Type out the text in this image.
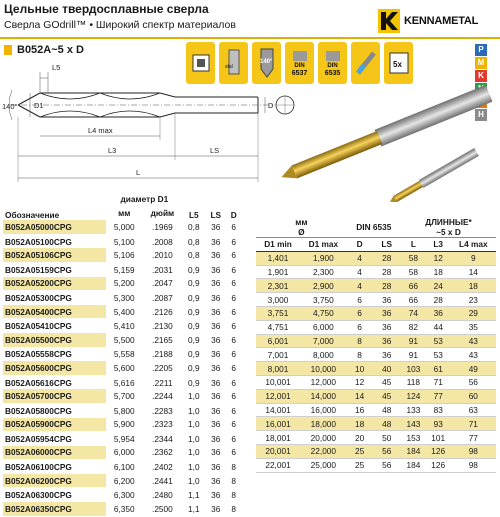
Цельные твердосплавные сверла
Сверла GOdrill™ • Широкий спектр материалов	KENNAMETAL
B052A~5 x D
stal
140°
DIN
6537
DIN
6535
5x
P
M
K
H
140° D1	D
L5
L4 max
L3	LS
L
Обозначение	диаметр D1		L5	LS	D
	мм	дюйм			
B052A05000CPG	5,000	.1969	0,8	36	6
B052A05100CPG	5,100	.2008	0,8	36	6
B052A05106CPG	5,106	.2010	0,8	36	6
B052A05159CPG	5,159	.2031	0,9	36	6
B052A05200CPG	5,200	.2047	0,9	36	6
B052A05300CPG	5,300	.2087	0,9	36	6
B052A05400CPG	5,400	.2126	0,9	36	6
B052A05410CPG	5,410	.2130	0,9	36	6
B052A05500CPG	5,500	.2165	0,9	36	6
B052A05558CPG	5,558	.2188	0,9	36	6
B052A05600CPG	5,600	.2205	0,9	36	6
B052A05616CPG	5,616	.2211	0,9	36	6
B052A05700CPG	5,700	.2244	1,0	36	6
B052A05800CPG	5,800	.2283	1,0	36	6
B052A05900CPG	5,900	.2323	1,0	36	6
B052A05954CPG	5,954	.2344	1,0	36	6
B052A06000CPG	6,000	.2362	1,0	36	6
B052A06100CPG	6,100	.2402	1,0	36	8
B052A06200CPG	6,200	.2441	1,0	36	8
B052A06300CPG	6,300	.2480	1,1	36	8
B052A06350CPG	6,350	.2500	1,1	36	8
мм
Ø		DIN 6535		ДЛИННЫЕ*
~5 x D		
D1 min	D1 max	D	LS	L	L3	L4 max
1,401	1,900	4	28	58	12	9
1,901	2,300	4	28	58	18	14
2,301	2,900	4	28	66	24	18
3,000	3,750	6	36	66	28	23
3,751	4,750	6	36	74	36	29
4,751	6,000	6	36	82	44	35
6,001	7,000	8	36	91	53	43
7,001	8,000	8	36	91	53	43
8,001	10,000	10	40	103	61	49
10,001	12,000	12	45	118	71	56
12,001	14,000	14	45	124	77	60
14,001	16,000	16	48	133	83	63
16,001	18,000	18	48	143	93	71
18,001	20,000	20	50	153	101	77
20,001	22,000	25	56	184	126	98
22,001	25,000	25	56	184	126	98
